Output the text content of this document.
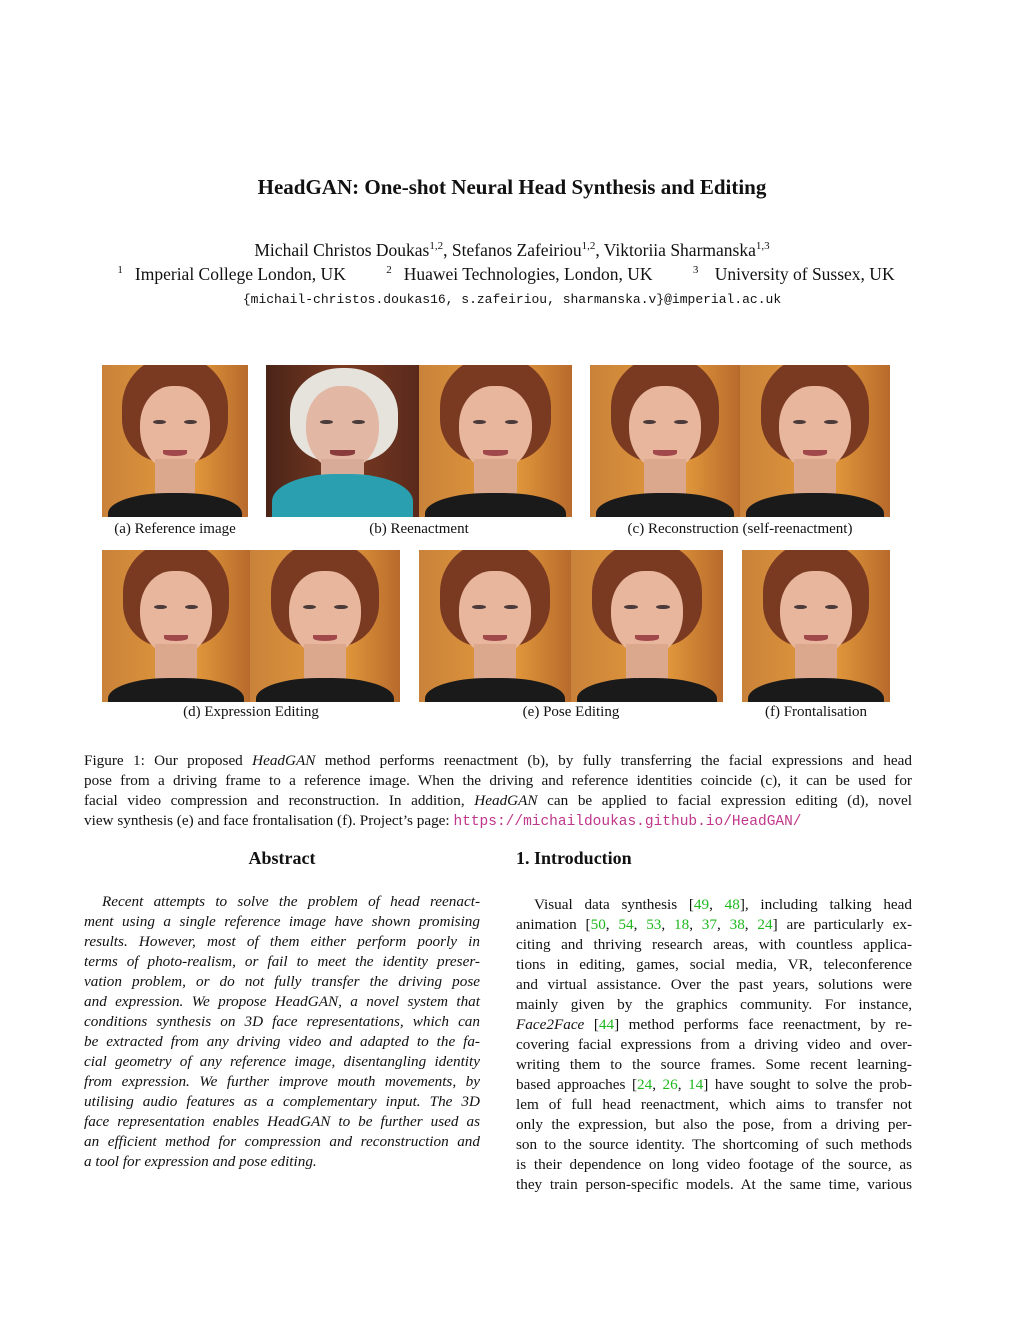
HeadGAN: One-shot Neural Head Synthesis and Editing
Michail Christos Doukas$^{1,2}$, Stefanos Zafeiriou$^{1,2}$, Viktoriia Sharmanska$^{1,3}$
$^1$ Imperial College London, UK	$^2$ Huawei Technologies, London, UK	$^3$ University of Sussex, UK
{michail-christos.doukas16, s.zafeiriou, sharmanska.v}@imperial.ac.uk
(a) Reference image	(b) Reenactment	(c) Reconstruction (self-reenactment)
(d) Expression Editing	(e) Pose Editing	(f) Frontalisation
Figure 1: Our proposed HeadGAN method performs reenactment (b), by fully transferring the facial expressions and head
pose from a driving frame to a reference image. When the driving and reference identities coincide (c), it can be used for
facial video compression and reconstruction. In addition, HeadGAN can be applied to facial expression editing (d), novel
view synthesis (e) and face frontalisation (f). Project’s page: https://michaildoukas.github.io/HeadGAN/
Abstract
Recent attempts to solve the problem of head reenact-
ment using a single reference image have shown promising
results. However, most of them either perform poorly in
terms of photo-realism, or fail to meet the identity preser-
vation problem, or do not fully transfer the driving pose
and expression. We propose HeadGAN, a novel system that
conditions synthesis on 3D face representations, which can
be extracted from any driving video and adapted to the fa-
cial geometry of any reference image, disentangling identity
from expression. We further improve mouth movements, by
utilising audio features as a complementary input. The 3D
face representation enables HeadGAN to be further used as
an efficient method for compression and reconstruction and
a tool for expression and pose editing.
1. Introduction
Visual data synthesis [49, 48], including talking head
animation [50, 54, 53, 18, 37, 38, 24] are particularly ex-
citing and thriving research areas, with countless applica-
tions in editing, games, social media, VR, teleconference
and virtual assistance. Over the past years, solutions were
mainly given by the graphics community. For instance,
Face2Face [44] method performs face reenactment, by re-
covering facial expressions from a driving video and over-
writing them to the source frames. Some recent learning-
based approaches [24, 26, 14] have sought to solve the prob-
lem of full head reenactment, which aims to transfer not
only the expression, but also the pose, from a driving per-
son to the source identity. The shortcoming of such methods
is their dependence on long video footage of the source, as
they train person-specific models. At the same time, various
